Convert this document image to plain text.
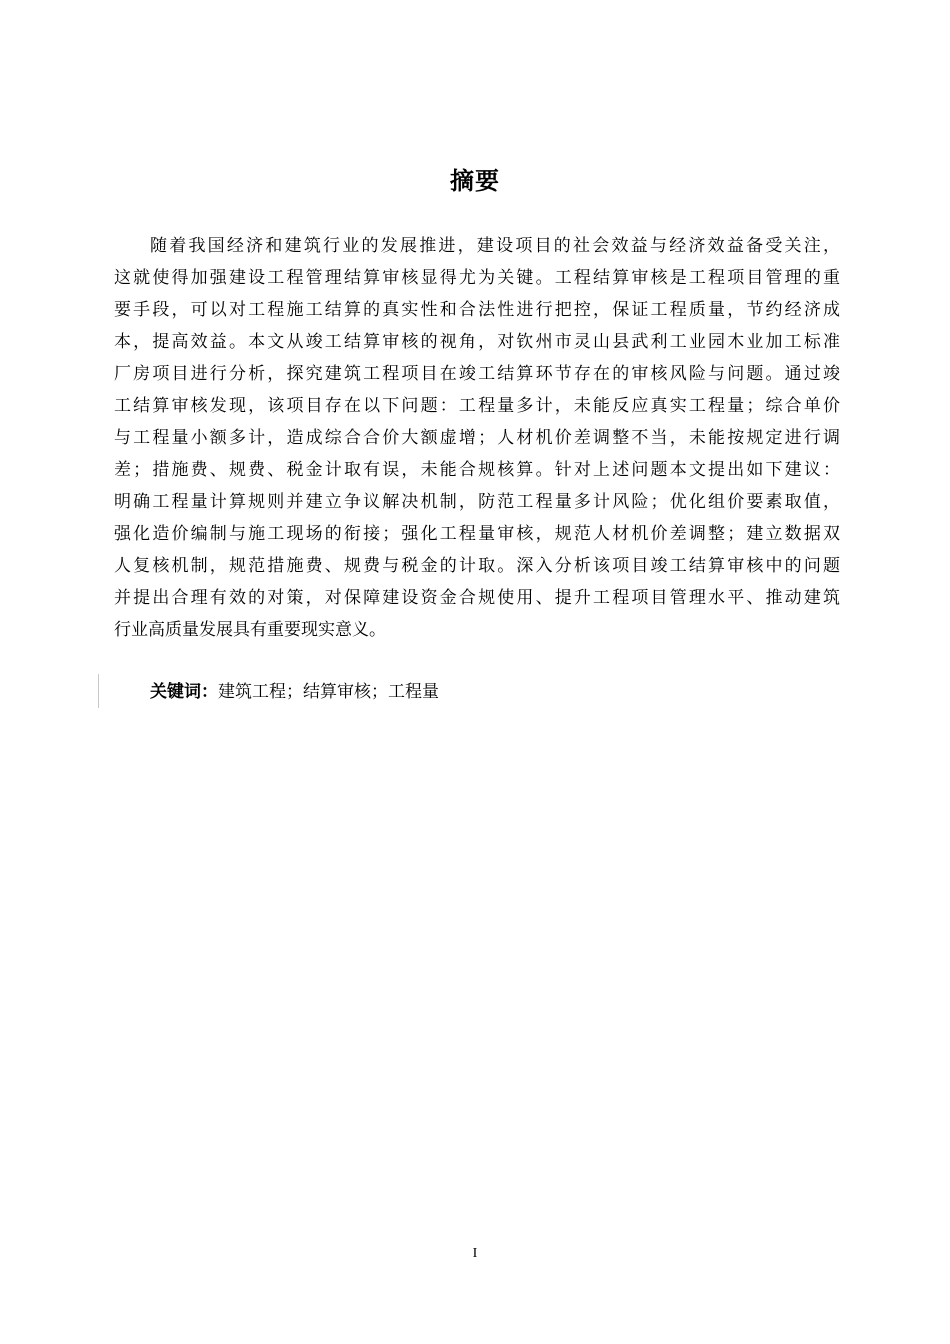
摘要
随着我国经济和建筑行业的发展推进，建设项目的社会效益与经济效益备受关注，
这就使得加强建设工程管理结算审核显得尤为关键。工程结算审核是工程项目管理的重
要手段，可以对工程施工结算的真实性和合法性进行把控，保证工程质量，节约经济成
本，提高效益。本文从竣工结算审核的视角，对钦州市灵山县武利工业园木业加工标准
厂房项目进行分析，探究建筑工程项目在竣工结算环节存在的审核风险与问题。通过竣
工结算审核发现，该项目存在以下问题：工程量多计，未能反应真实工程量；综合单价
与工程量小额多计，造成综合合价大额虚增；人材机价差调整不当，未能按规定进行调
差；措施费、规费、税金计取有误，未能合规核算。针对上述问题本文提出如下建议：
明确工程量计算规则并建立争议解决机制，防范工程量多计风险；优化组价要素取值，
强化造价编制与施工现场的衔接；强化工程量审核，规范人材机价差调整；建立数据双
人复核机制，规范措施费、规费与税金的计取。深入分析该项目竣工结算审核中的问题
并提出合理有效的对策，对保障建设资金合规使用、提升工程项目管理水平、推动建筑
行业高质量发展具有重要现实意义。
关键词：建筑工程；结算审核；工程量
I
